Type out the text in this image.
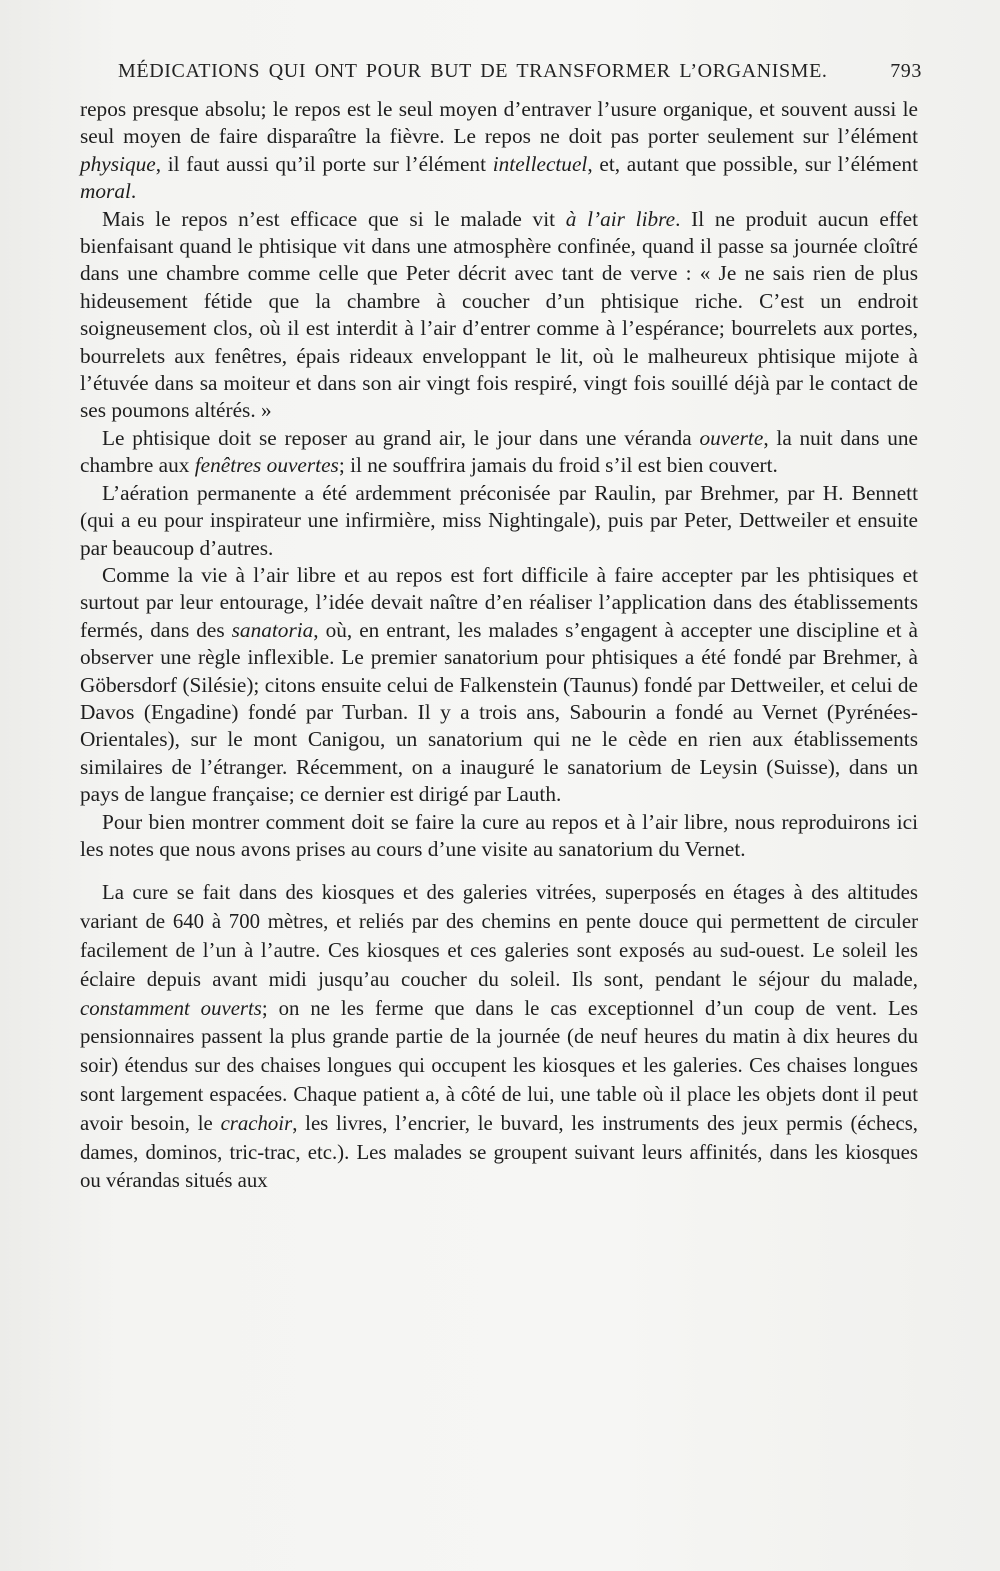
MÉDICATIONS QUI ONT POUR BUT DE TRANSFORMER L’ORGANISME.	793

repos presque absolu; le repos est le seul moyen d’entraver l’usure organique, et souvent aussi le seul moyen de faire disparaître la fièvre. Le repos ne doit pas porter seulement sur l’élément physique, il faut aussi qu’il porte sur l’élément intellectuel, et, autant que possible, sur l’élément moral.

Mais le repos n’est efficace que si le malade vit à l’air libre. Il ne produit aucun effet bienfaisant quand le phtisique vit dans une atmosphère confinée, quand il passe sa journée cloîtré dans une chambre comme celle que Peter décrit avec tant de verve : « Je ne sais rien de plus hideusement fétide que la chambre à coucher d’un phtisique riche. C’est un endroit soigneusement clos, où il est interdit à l’air d’entrer comme à l’espérance; bourrelets aux portes, bourrelets aux fenêtres, épais rideaux enveloppant le lit, où le malheureux phtisique mijote à l’étuvée dans sa moiteur et dans son air vingt fois respiré, vingt fois souillé déjà par le contact de ses poumons altérés. »

Le phtisique doit se reposer au grand air, le jour dans une véranda ouverte, la nuit dans une chambre aux fenêtres ouvertes; il ne souffrira jamais du froid s’il est bien couvert.

L’aération permanente a été ardemment préconisée par Raulin, par Brehmer, par H. Bennett (qui a eu pour inspirateur une infirmière, miss Nightingale), puis par Peter, Dettweiler et ensuite par beaucoup d’autres.

Comme la vie à l’air libre et au repos est fort difficile à faire accepter par les phtisiques et surtout par leur entourage, l’idée devait naître d’en réaliser l’application dans des établissements fermés, dans des sanatoria, où, en entrant, les malades s’engagent à accepter une discipline et à observer une règle inflexible. Le premier sanatorium pour phtisiques a été fondé par Brehmer, à Göbersdorf (Silésie); citons ensuite celui de Falkenstein (Taunus) fondé par Dettweiler, et celui de Davos (Engadine) fondé par Turban. Il y a trois ans, Sabourin a fondé au Vernet (Pyrénées-Orientales), sur le mont Canigou, un sanatorium qui ne le cède en rien aux établissements similaires de l’étranger. Récemment, on a inauguré le sanatorium de Leysin (Suisse), dans un pays de langue française; ce dernier est dirigé par Lauth.

Pour bien montrer comment doit se faire la cure au repos et à l’air libre, nous reproduirons ici les notes que nous avons prises au cours d’une visite au sanatorium du Vernet.

La cure se fait dans des kiosques et des galeries vitrées, superposés en étages à des altitudes variant de 640 à 700 mètres, et reliés par des chemins en pente douce qui permettent de circuler facilement de l’un à l’autre. Ces kiosques et ces galeries sont exposés au sud-ouest. Le soleil les éclaire depuis avant midi jusqu’au coucher du soleil. Ils sont, pendant le séjour du malade, constamment ouverts; on ne les ferme que dans le cas exceptionnel d’un coup de vent. Les pensionnaires passent la plus grande partie de la journée (de neuf heures du matin à dix heures du soir) étendus sur des chaises longues qui occupent les kiosques et les galeries. Ces chaises longues sont largement espacées. Chaque patient a, à côté de lui, une table où il place les objets dont il peut avoir besoin, le crachoir, les livres, l’encrier, le buvard, les instruments des jeux permis (échecs, dames, dominos, tric-trac, etc.). Les malades se groupent suivant leurs affinités, dans les kiosques ou vérandas situés aux
